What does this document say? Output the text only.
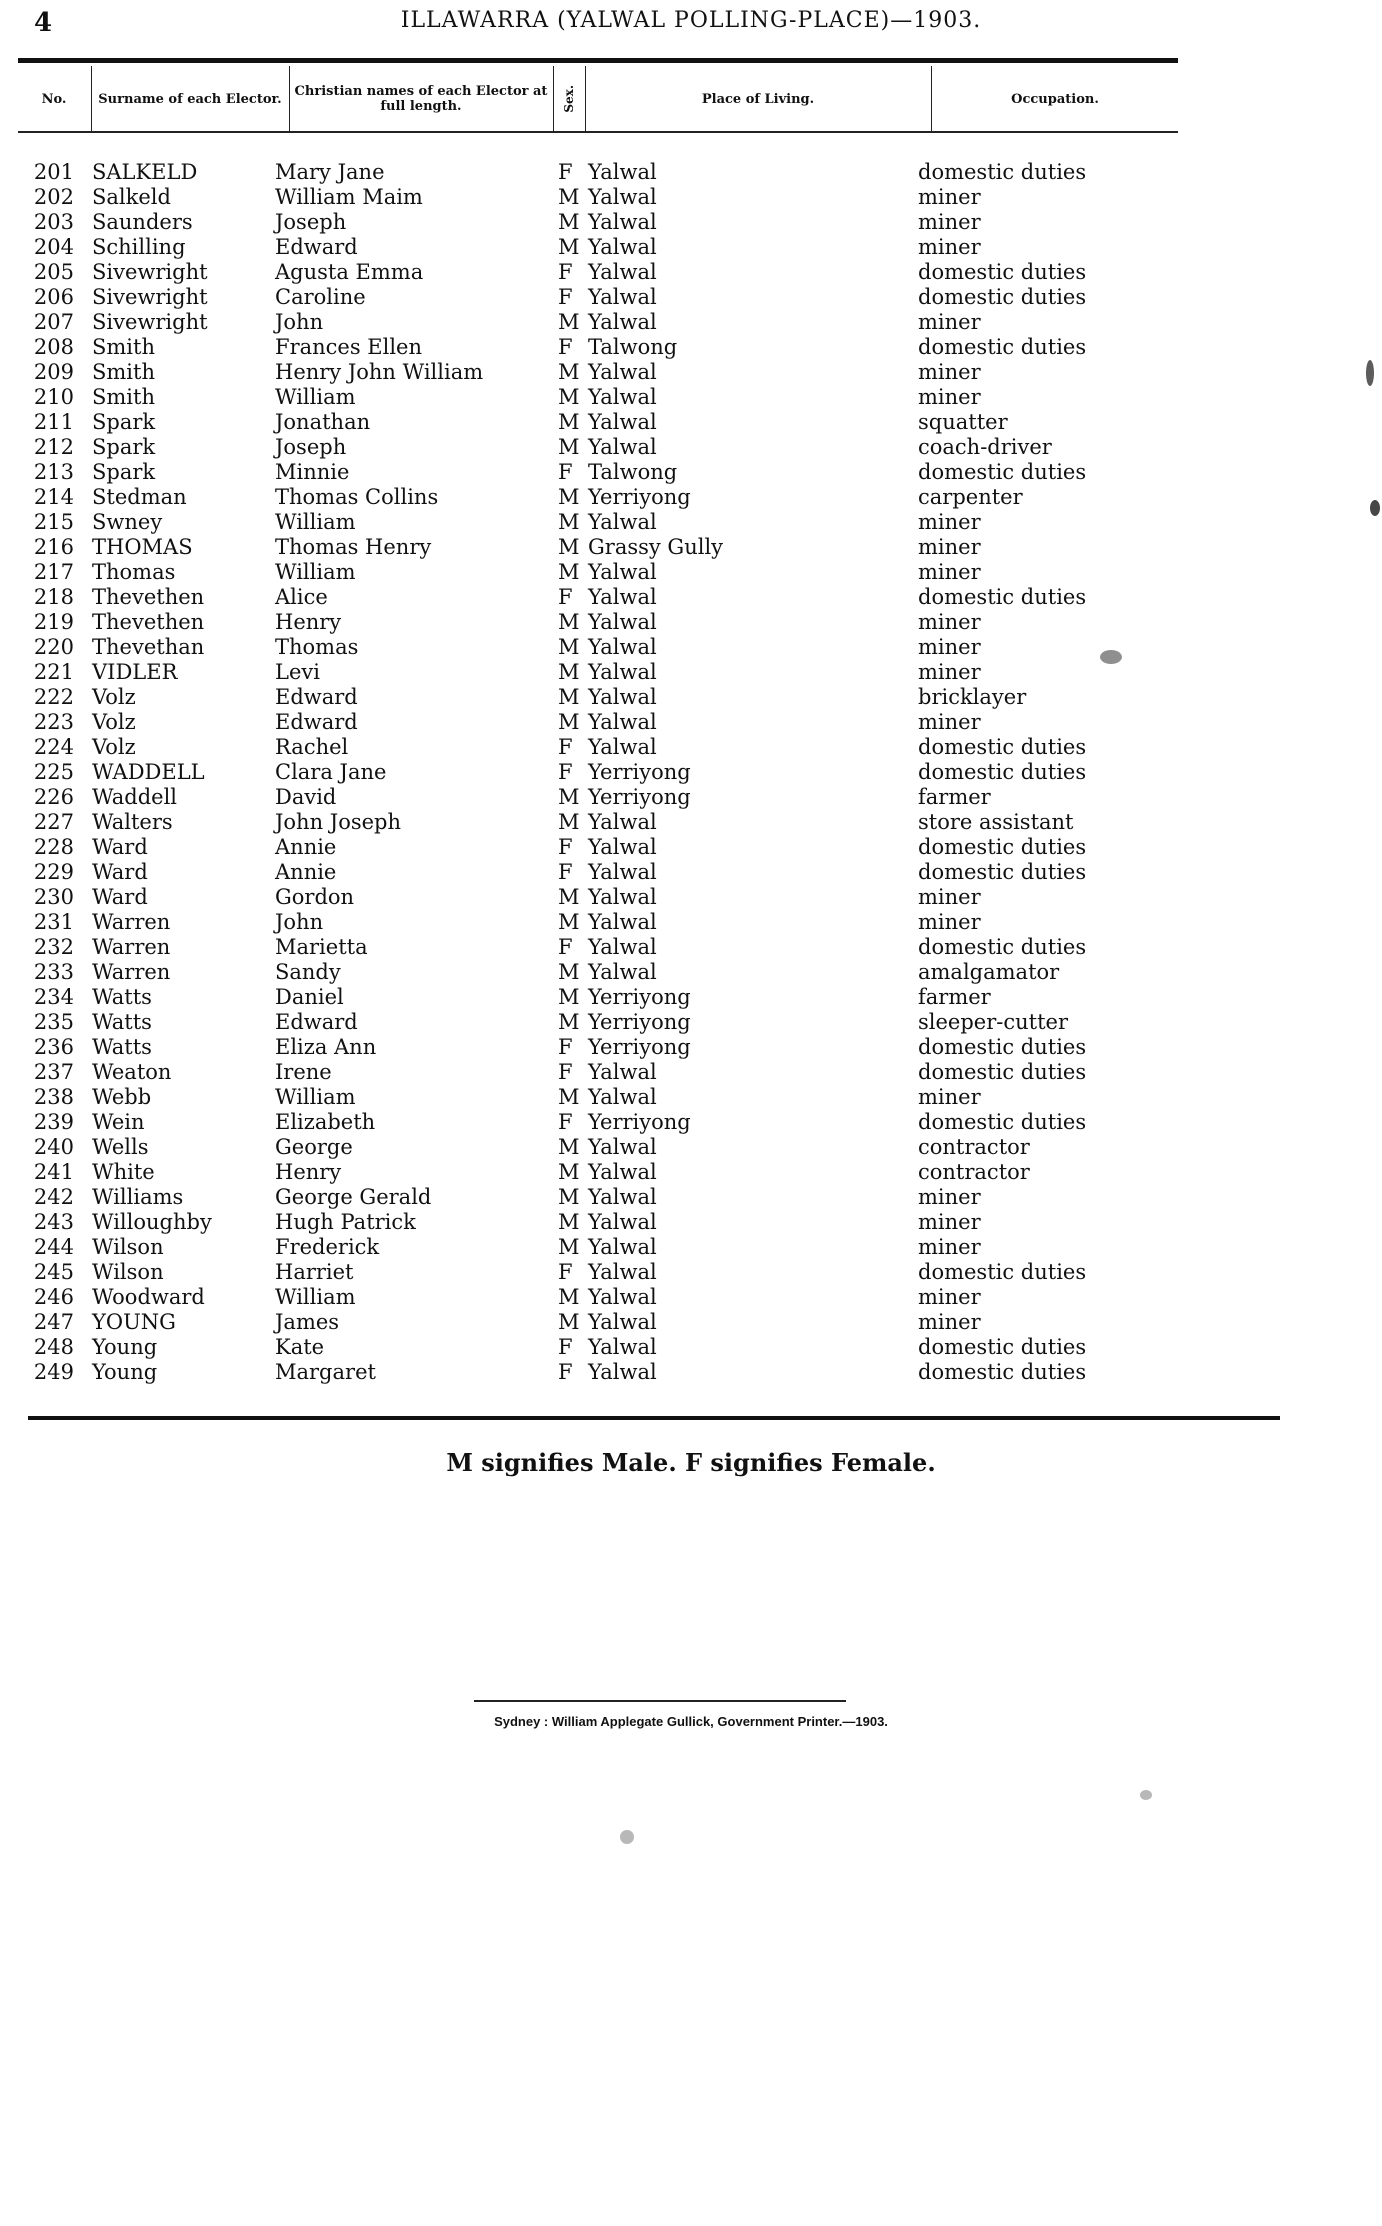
4	ILLAWARRA (YALWAL POLLING-PLACE)—1903.
No.	Surname of each Elector. Christian names of each Elector at full length.	Sex.	Place of Living.	Occupation.
201 SALKELD	Mary Jane	F Yalwal	domestic duties
202 Salkeld	William Maim	M Yalwal	miner
203 Saunders	Joseph	M Yalwal	miner
204 Schilling	Edward	M Yalwal	miner
205 Sivewright	Agusta Emma	F Yalwal	domestic duties
206 Sivewright	Caroline	F Yalwal	domestic duties
207 Sivewright	John	M Yalwal	miner
208 Smith	Frances Ellen	F Talwong	domestic duties
209 Smith	Henry John William	M Yalwal	miner
210 Smith	William	M Yalwal	miner
211 Spark	Jonathan	M Yalwal	squatter
212 Spark	Joseph	M Yalwal	coach-driver
213 Spark	Minnie	F Talwong	domestic duties
214 Stedman	Thomas Collins	M Yerriyong	carpenter
215 Swney	William	M Yalwal	miner
216 THOMAS	Thomas Henry	M Grassy Gully	miner
217 Thomas	William	M Yalwal	miner
218 Thevethen	Alice	F Yalwal	domestic duties
219 Thevethen	Henry	M Yalwal	miner
220 Thevethan	Thomas	M Yalwal	miner
221 VIDLER	Levi	M Yalwal	miner
222 Volz	Edward	M Yalwal	bricklayer
223 Volz	Edward	M Yalwal	miner
224 Volz	Rachel	F Yalwal	domestic duties
225 WADDELL	Clara Jane	F Yerriyong	domestic duties
226 Waddell	David	M Yerriyong	farmer
227 Walters	John Joseph	M Yalwal	store assistant
228 Ward	Annie	F Yalwal	domestic duties
229 Ward	Annie	F Yalwal	domestic duties
230 Ward	Gordon	M Yalwal	miner
231 Warren	John	M Yalwal	miner
232 Warren	Marietta	F Yalwal	domestic duties
233 Warren	Sandy	M Yalwal	amalgamator
234 Watts	Daniel	M Yerriyong	farmer
235 Watts	Edward	M Yerriyong	sleeper-cutter
236 Watts	Eliza Ann	F Yerriyong	domestic duties
237 Weaton	Irene	F Yalwal	domestic duties
238 Webb	William	M Yalwal	miner
239 Wein	Elizabeth	F Yerriyong	domestic duties
240 Wells	George	M Yalwal	contractor
241 White	Henry	M Yalwal	contractor
242 Williams	George Gerald	M Yalwal	miner
243 Willoughby	Hugh Patrick	M Yalwal	miner
244 Wilson	Frederick	M Yalwal	miner
245 Wilson	Harriet	F Yalwal	domestic duties
246 Woodward	William	M Yalwal	miner
247 YOUNG	James	M Yalwal	miner
248 Young	Kate	F Yalwal	domestic duties
249 Young	Margaret	F Yalwal	domestic duties
M signifies Male. F signifies Female.
Sydney : William Applegate Gullick, Government Printer.—1903.
